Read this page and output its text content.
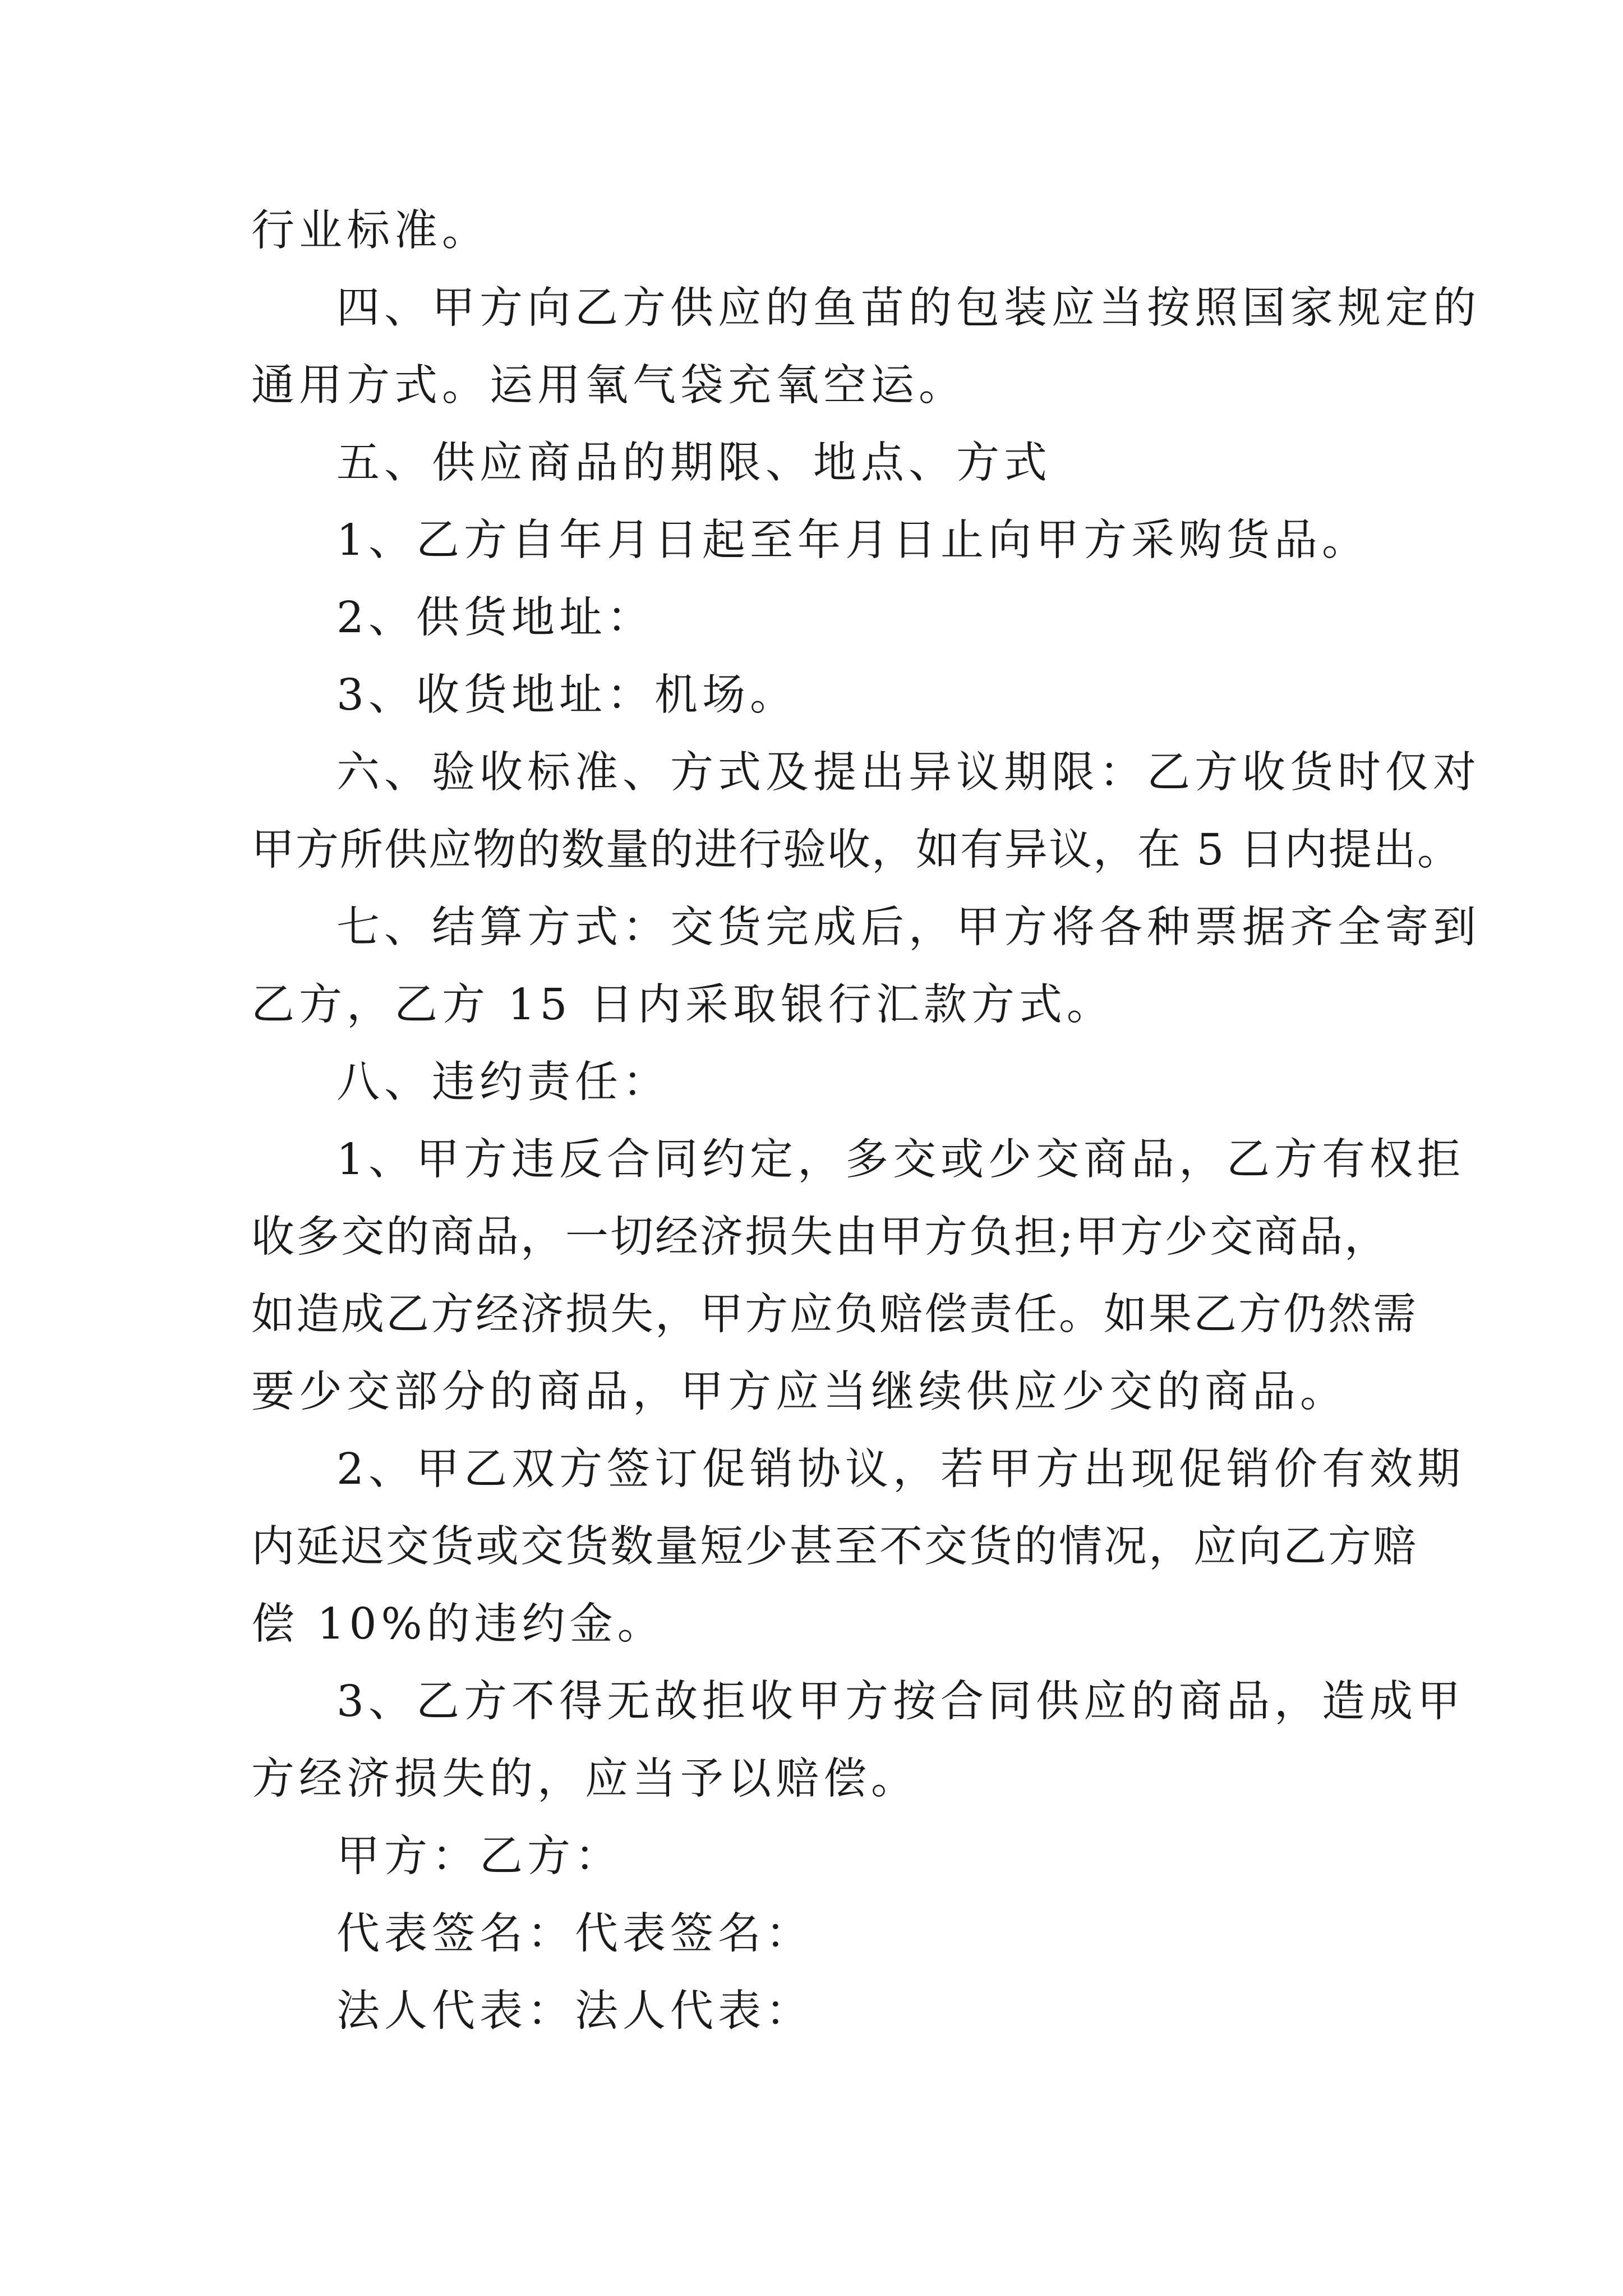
行业标准。
四、甲方向乙方供应的鱼苗的包装应当按照国家规定的
通用方式。运用氧气袋充氧空运。
五、供应商品的期限、地点、方式
1、乙方自年月日起至年月日止向甲方采购货品。
2、供货地址：
3、收货地址：机场。
六、验收标准、方式及提出异议期限：乙方收货时仅对
甲方所供应物的数量的进行验收，如有异议，在 5 日内提出。
七、结算方式：交货完成后，甲方将各种票据齐全寄到
乙方，乙方 15 日内采取银行汇款方式。
八、违约责任：
1、甲方违反合同约定，多交或少交商品，乙方有权拒
收多交的商品，一切经济损失由甲方负担;甲方少交商品，
如造成乙方经济损失，甲方应负赔偿责任。如果乙方仍然需
要少交部分的商品，甲方应当继续供应少交的商品。
2、甲乙双方签订促销协议，若甲方出现促销价有效期
内延迟交货或交货数量短少甚至不交货的情况，应向乙方赔
偿 10%的违约金。
3、乙方不得无故拒收甲方按合同供应的商品，造成甲
方经济损失的，应当予以赔偿。
甲方：乙方：
代表签名：代表签名：
法人代表：法人代表：
